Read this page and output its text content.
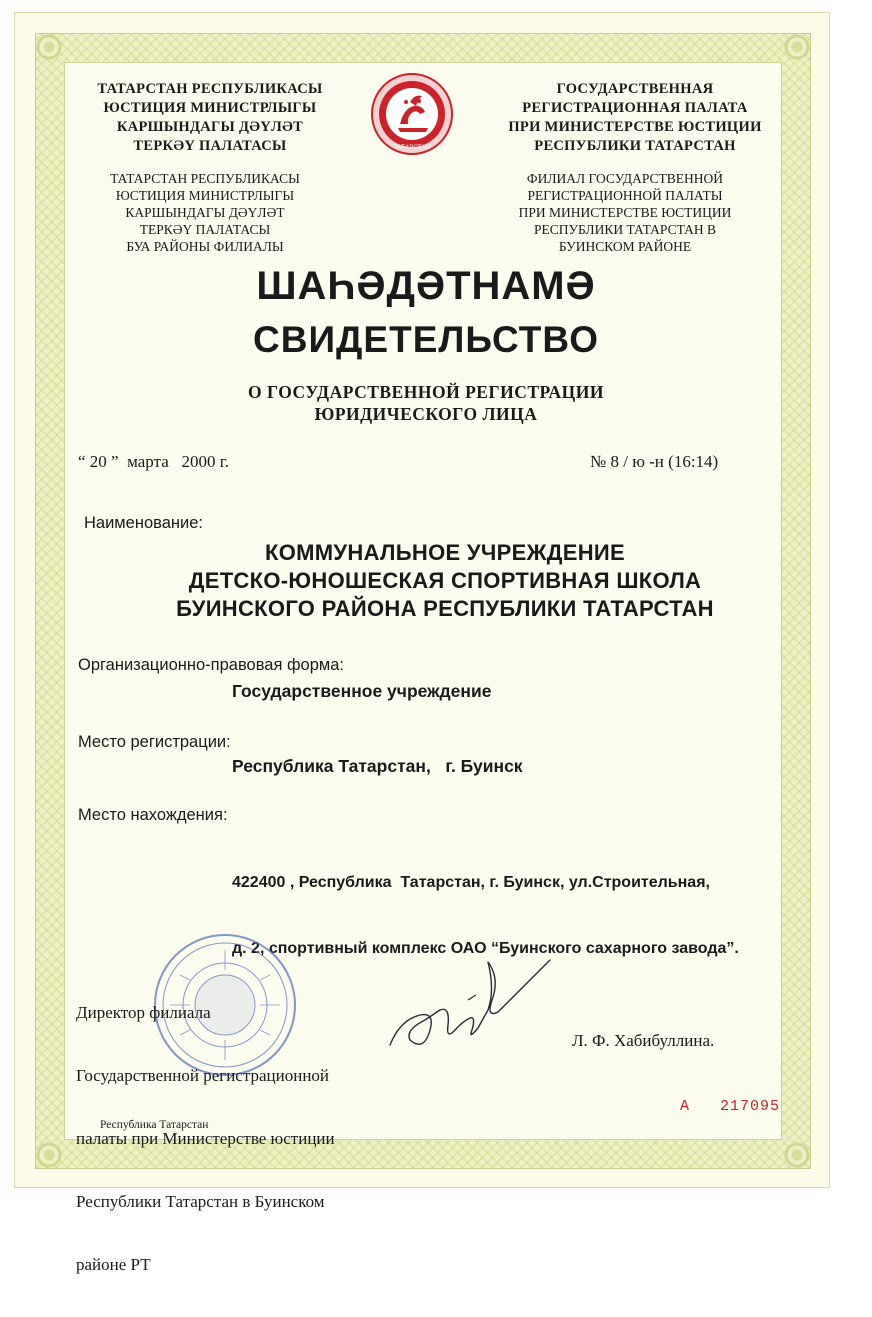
ТАТАРСТАН РЕСПУБЛИКАСЫ
ЮСТИЦИЯ МИНИСТРЛЫГЫ
КАРШЫНДАГЫ ДӘҮЛӘТ
ТЕРКӘҮ ПАЛАТАСЫ
ТАТАРСТАН РЕСПУБЛИКАСЫ
ЮСТИЦИЯ МИНИСТРЛЫГЫ
КАРШЫНДАГЫ ДӘҮЛӘТ
ТЕРКӘҮ ПАЛАТАСЫ
БУА РАЙОНЫ ФИЛИАЛЫ
ТАТАРСТАН
ГОСУДАРСТВЕННАЯ
РЕГИСТРАЦИОННАЯ ПАЛАТА
ПРИ МИНИСТЕРСТВЕ ЮСТИЦИИ
РЕСПУБЛИКИ ТАТАРСТАН
ФИЛИАЛ ГОСУДАРСТВЕННОЙ
РЕГИСТРАЦИОННОЙ ПАЛАТЫ
ПРИ МИНИСТЕРСТВЕ ЮСТИЦИИ
РЕСПУБЛИКИ ТАТАРСТАН В
БУИНСКОМ РАЙОНЕ
ШАҺӘДӘТНАМӘ
СВИДЕТЕЛЬСТВО
О ГОСУДАРСТВЕННОЙ РЕГИСТРАЦИИ
ЮРИДИЧЕСКОГО ЛИЦА
“ 20 ”  марта   2000 г.	№ 8 / ю -н (16:14)
Наименование:
КОММУНАЛЬНОЕ УЧРЕЖДЕНИЕ
ДЕТСКО-ЮНОШЕСКАЯ СПОРТИВНАЯ ШКОЛА
БУИНСКОГО РАЙОНА РЕСПУБЛИКИ ТАТАРСТАН
Организационно-правовая форма:
Государственное учреждение
Место регистрации:
Республика Татарстан,   г. Буинск
Место нахождения:

422400 , Республика  Татарстан, г. Буинск, ул.Строительная,

д. 2, спортивный комплекс ОАО “Буинского сахарного завода”.

Директор филиала

Государственной регистрационной

палаты при Министерстве юстиции

Республики Татарстан в Буинском

районе РТ

Л. Ф. Хабибуллина.
А   217095
Республика Татарстан
